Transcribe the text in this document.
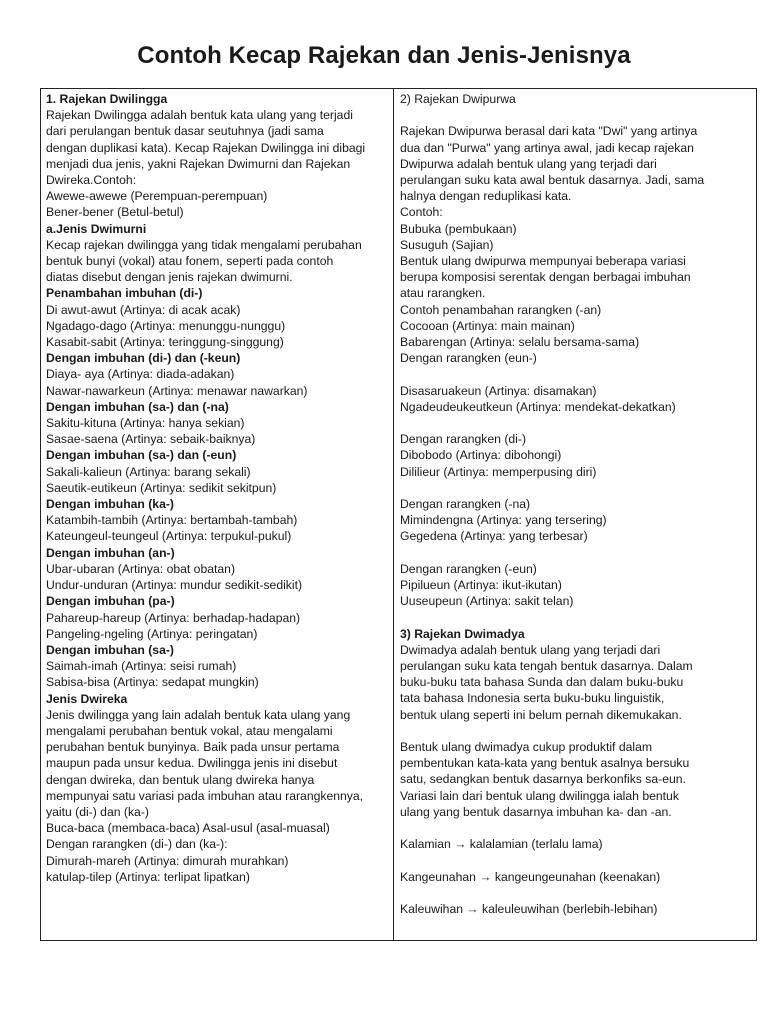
Contoh Kecap Rajekan dan Jenis-Jenisnya
1. Rajekan Dwilingga
Rajekan Dwilingga adalah bentuk kata ulang yang terjadi
dari perulangan bentuk dasar seutuhnya (jadi sama
dengan duplikasi kata). Kecap Rajekan Dwilingga ini dibagi
menjadi dua jenis, yakni Rajekan Dwimurni dan Rajekan
Dwireka.Contoh:
Awewe-awewe (Perempuan-perempuan)
Bener-bener (Betul-betul)
a.Jenis Dwimurni
Kecap rajekan dwilingga yang tidak mengalami perubahan
bentuk bunyi (vokal) atau fonem, seperti pada contoh
diatas disebut dengan jenis rajekan dwimurni.
Penambahan imbuhan (di-)
Di awut-awut (Artinya: di acak acak)
Ngadago-dago (Artinya: menunggu-nunggu)
Kasabit-sabit (Artinya: teringgung-singgung)
Dengan imbuhan (di-) dan (-keun)
Diaya- aya (Artinya: diada-adakan)
Nawar-nawarkeun (Artinya: menawar nawarkan)
Dengan imbuhan (sa-) dan (-na)
Sakitu-kituna (Artinya: hanya sekian)
Sasae-saena (Artinya: sebaik-baiknya)
Dengan imbuhan (sa-) dan (-eun)
Sakali-kalieun (Artinya: barang sekali)
Saeutik-eutikeun (Artinya: sedikit sekitpun)
Dengan imbuhan (ka-)
Katambih-tambih (Artinya: bertambah-tambah)
Kateungeul-teungeul (Artinya: terpukul-pukul)
Dengan imbuhan (an-)
Ubar-ubaran (Artinya: obat obatan)
Undur-unduran (Artinya: mundur sedikit-sedikit)
Dengan imbuhan (pa-)
Pahareup-hareup (Artinya: berhadap-hadapan)
Pangeling-ngeling (Artinya: peringatan)
Dengan imbuhan (sa-)
Saimah-imah (Artinya: seisi rumah)
Sabisa-bisa (Artinya: sedapat mungkin)
Jenis Dwireka
Jenis dwilingga yang lain adalah bentuk kata ulang yang
mengalami perubahan bentuk vokal, atau mengalami
perubahan bentuk bunyinya. Baik pada unsur pertama
maupun pada unsur kedua. Dwilingga jenis ini disebut
dengan dwireka, dan bentuk ulang dwireka hanya
mempunyai satu variasi pada imbuhan atau rarangkennya,
yaitu (di-) dan (ka-)
Buca-baca (membaca-baca) Asal-usul (asal-muasal)
Dengan rarangken (di-) dan (ka-):
Dimurah-mareh (Artinya: dimurah murahkan)
katulap-tilep (Artinya: terlipat lipatkan)
2) Rajekan Dwipurwa
Rajekan Dwipurwa berasal dari kata "Dwi" yang artinya
dua dan "Purwa" yang artinya awal, jadi kecap rajekan
Dwipurwa adalah bentuk ulang yang terjadi dari
perulangan suku kata awal bentuk dasarnya. Jadi, sama
halnya dengan reduplikasi kata.
Contoh:
Bubuka (pembukaan)
Susuguh (Sajian)
Bentuk ulang dwipurwa mempunyai beberapa variasi
berupa komposisi serentak dengan berbagai imbuhan
atau rarangken.
Contoh penambahan rarangken (-an)
Cocooan (Artinya: main mainan)
Babarengan (Artinya: selalu bersama-sama)
Dengan rarangken (eun-)
Disasaruakeun (Artinya: disamakan)
Ngadeudeukeutkeun (Artinya: mendekat-dekatkan)
Dengan rarangken (di-)
Dibobodo (Artinya: dibohongi)
Dililieur (Artinya: memperpusing diri)
Dengan rarangken (-na)
Mimindengna (Artinya: yang tersering)
Gegedena (Artinya: yang terbesar)
Dengan rarangken (-eun)
Pipilueun (Artinya: ikut-ikutan)
Uuseupeun (Artinya: sakit telan)
3) Rajekan Dwimadya
Dwimadya adalah bentuk ulang yang terjadi dari
perulangan suku kata tengah bentuk dasarnya. Dalam
buku-buku tata bahasa Sunda dan dalam buku-buku
tata bahasa Indonesia serta buku-buku linguistik,
bentuk ulang seperti ini belum pernah dikemukakan.
Bentuk ulang dwimadya cukup produktif dalam
pembentukan kata-kata yang bentuk asalnya bersuku
satu, sedangkan bentuk dasarnya berkonfiks sa-eun.
Variasi lain dari bentuk ulang dwilingga ialah bentuk
ulang yang bentuk dasarnya imbuhan ka- dan -an.
Kalamian → kalalamian (terlalu lama)
Kangeunahan → kangeungeunahan (keenakan)
Kaleuwihan → kaleuleuwihan (berlebih-lebihan)
